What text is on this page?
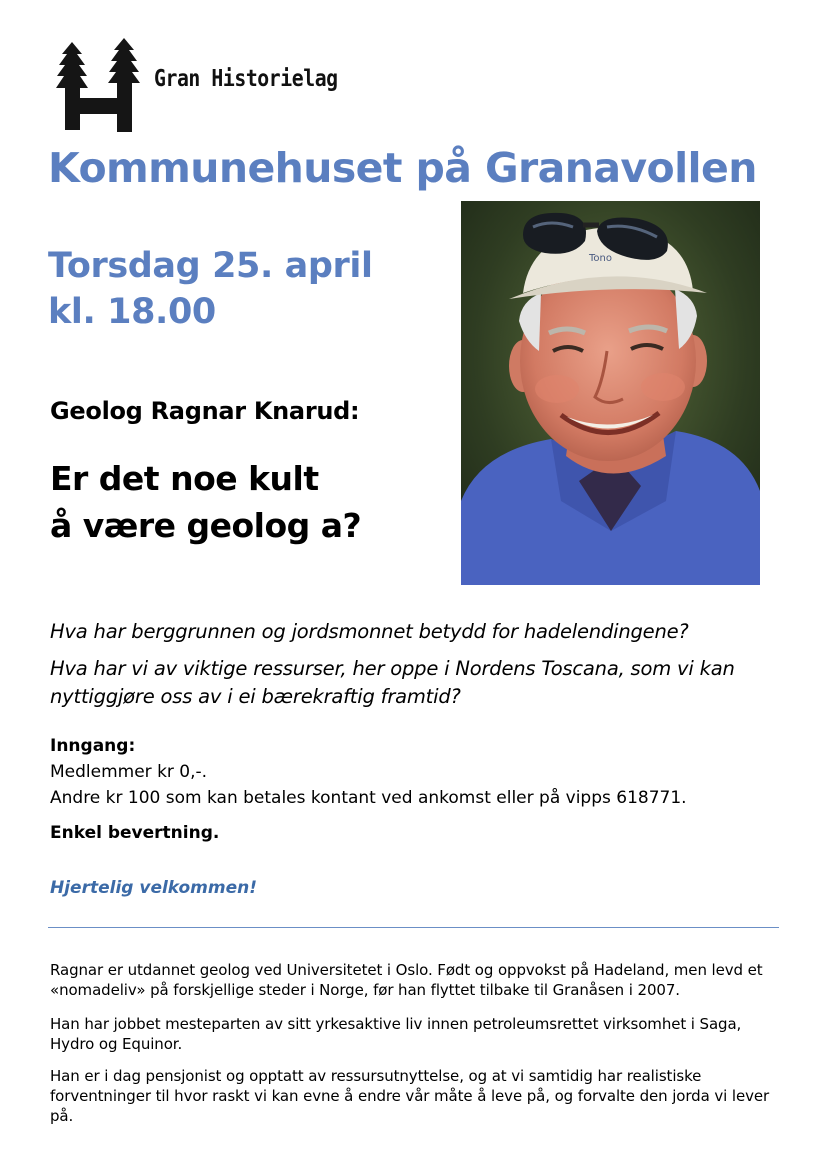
Gran Historielag
Kommunehuset på Granavollen
Torsdag 25. april
kl. 18.00
Tono
Geolog Ragnar Knarud:
Er det noe kult
å være geolog a?
Hva har berggrunnen og jordsmonnet betydd for hadelendingene?
Hva har vi av viktige ressurser, her oppe i Nordens Toscana, som vi kan nyttiggjøre oss av i ei bærekraftig framtid?
Inngang:
Medlemmer kr 0,-.
Andre kr 100 som kan betales kontant ved ankomst eller på vipps 618771.
Enkel bevertning.
Hjertelig velkommen!
Ragnar er utdannet geolog ved Universitetet i Oslo. Født og oppvokst på Hadeland, men levd et «nomadeliv» på forskjellige steder i Norge, før han flyttet tilbake til Granåsen i 2007.
Han har jobbet mesteparten av sitt yrkesaktive liv innen petroleumsrettet virksomhet i Saga, Hydro og Equinor.
Han er i dag pensjonist og opptatt av ressursutnyttelse, og at vi samtidig har realistiske forventninger til hvor raskt vi kan evne å endre vår måte å leve på, og forvalte den jorda vi lever på.
